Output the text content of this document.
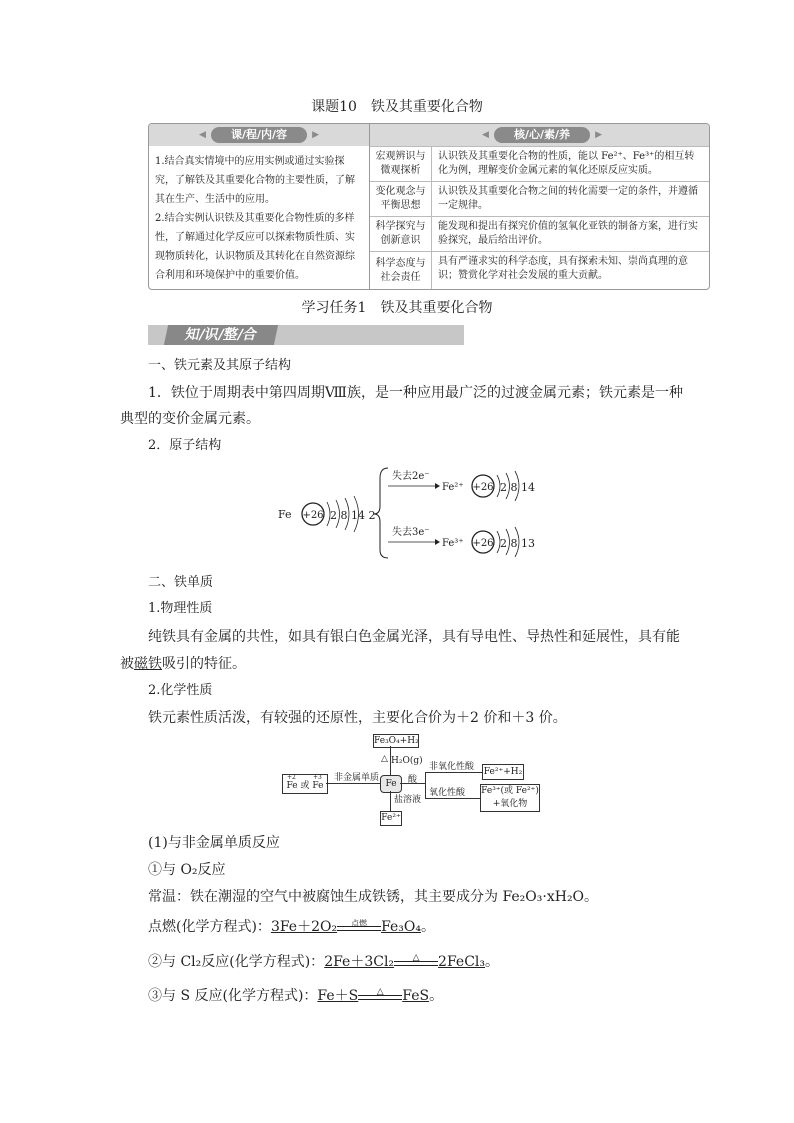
课题10　铁及其重要化合物
◀ 课/程/内/容 ▶
◀	核/心/素/养 ▶
1.结合真实情境中的应用实例或通过实验探究，了解铁及其重要化合物的主要性质，了解其在生产、生活中的应用。
2.结合实例认识铁及其重要化合物性质的多样性，了解通过化学反应可以探索物质性质、实现物质转化，认识物质及其转化在自然资源综合利用和环境保护中的重要价值。
宏观辨识与微观探析
认识铁及其重要化合物的性质，能以 Fe²⁺、Fe³⁺的相互转化为例，理解变价金属元素的氧化还原反应实质。
变化观念与平衡思想
认识铁及其重要化合物之间的转化需要一定的条件，并遵循一定规律。
科学探究与创新意识
能发现和提出有探究价值的氢氧化亚铁的制备方案，进行实验探究，最后给出评价。
科学态度与社会责任
具有严谨求实的科学态度，具有探索未知、崇尚真理的意识；赞赏化学对社会发展的重大贡献。
学习任务1　铁及其重要化合物
知/识/整/合
一、铁元素及其原子结构
1．铁位于周期表中第四周期Ⅷ族，是一种应用最广泛的过渡金属元素；铁元素是一种
典型的变价金属元素。
2．原子结构
Fe +26 2 8 14 2
失去2e⁻
Fe²⁺ +26 2 8 14
失去3e⁻
Fe³⁺ +26 2 8 13
二、铁单质
1.物理性质
纯铁具有金属的共性，如具有银白色金属光泽，具有导电性、导热性和延展性，具有能
被磁铁吸引的特征。
2.化学性质
铁元素性质活泼，有较强的还原性，主要化合价为＋2 价和＋3 价。
Fe₃O₄+H₂
△ H₂O(g)
+2	+3
Fe 或 Fe
非金属单质
Fe	酸
非氧化性酸 Fe²⁺+H₂
氧化性酸 Fe³⁺(或 Fe²⁺)
+氧化物
盐溶液
Fe²⁺
(1)与非金属单质反应
①与 O₂反应
常温：铁在潮湿的空气中被腐蚀生成铁锈，其主要成分为 Fe₂O₃·xH₂O。
点燃(化学方程式)：3Fe＋2O₂	点燃	Fe₃O₄。
②与 Cl₂反应(化学方程式)：2Fe＋3Cl₂	△	2FeCl₃。
③与 S 反应(化学方程式)：Fe＋S	△	FeS。
